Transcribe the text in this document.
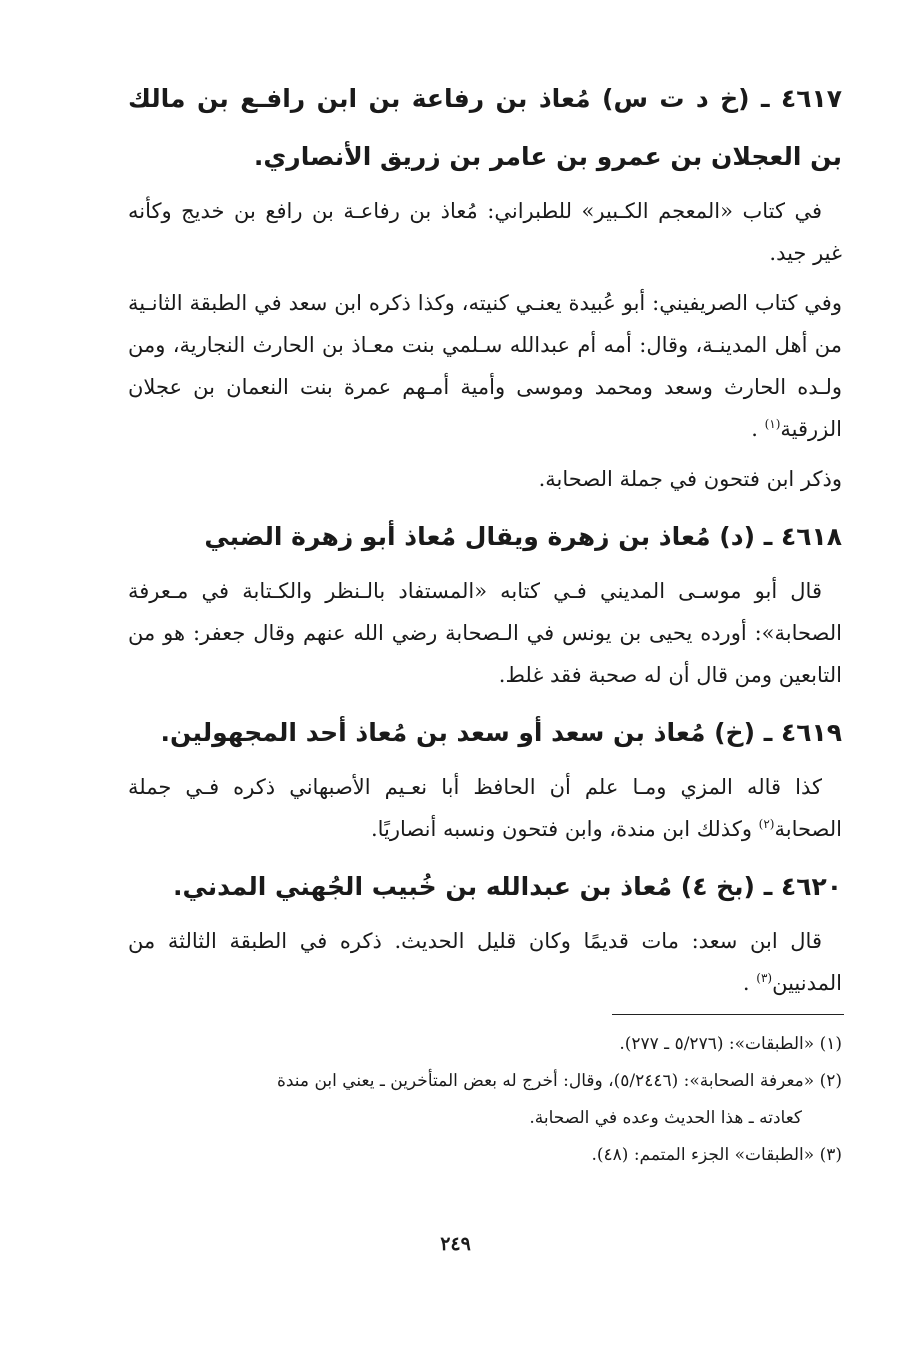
٤٦١٧ ـ (خ د ت س) مُعاذ بن رفاعة بن ابن رافـع بن مالك بن العجلان بن عمرو بن عامر بن زريق الأنصاري.

في كتاب «المعجم الكـبير» للطبراني: مُعاذ بن رفاعـة بن رافع بن خديج وكأنه غير جيد.

وفي كتاب الصريفيني: أبو عُبيدة يعنـي كنيته، وكذا ذكره ابن سعد في الطبقة الثانـية من أهل المدينـة، وقال: أمه أم عبدالله سـلمي بنت معـاذ بن الحارث النجارية، ومن ولـده الحارث وسعد ومحمد وموسى وأمية أمـهم عمرة بنت النعمان بن عجلان الزرقية$^{(١)}$ .

وذكر ابن فتحون في جملة الصحابة.

٤٦١٨ ـ (د) مُعاذ بن زهرة ويقال مُعاذ أبو زهرة الضبي

قال أبو موسـى المديني فـي كتابه «المستفاد بالـنظر والكـتابة في مـعرفة الصحابة»: أورده يحيى بن يونس في الـصحابة رضي الله عنهم وقال جعفر: هو من التابعين ومن قال أن له صحبة فقد غلط.

٤٦١٩ ـ (خ) مُعاذ بن سعد أو سعد بن مُعاذ أحد المجهولين.

كذا قاله المزي ومـا علم أن الحافظ أبا نعـيم الأصبهاني ذكره فـي جملة الصحابة$^{(٢)}$ وكذلك ابن مندة، وابن فتحون ونسبه أنصاريًا.

٤٦٢٠ ـ (بخ ٤) مُعاذ بن عبدالله بن خُبيب الجُهني المدني.

قال ابن سعد: مات قديمًا وكان قليل الحديث. ذكره في الطبقة الثالثة من المدنيين$^{(٣)}$ .

(١) «الطبقات»: (٥/٢٧٦ ـ ٢٧٧).

(٢) «معرفة الصحابة»: (٥/٢٤٤٦)، وقال: أخرج له بعض المتأخرين ـ يعني ابن مندة
كعادته ـ هذا الحديث وعده في الصحابة.

(٣) «الطبقات» الجزء المتمم: (٤٨).

٢٤٩
